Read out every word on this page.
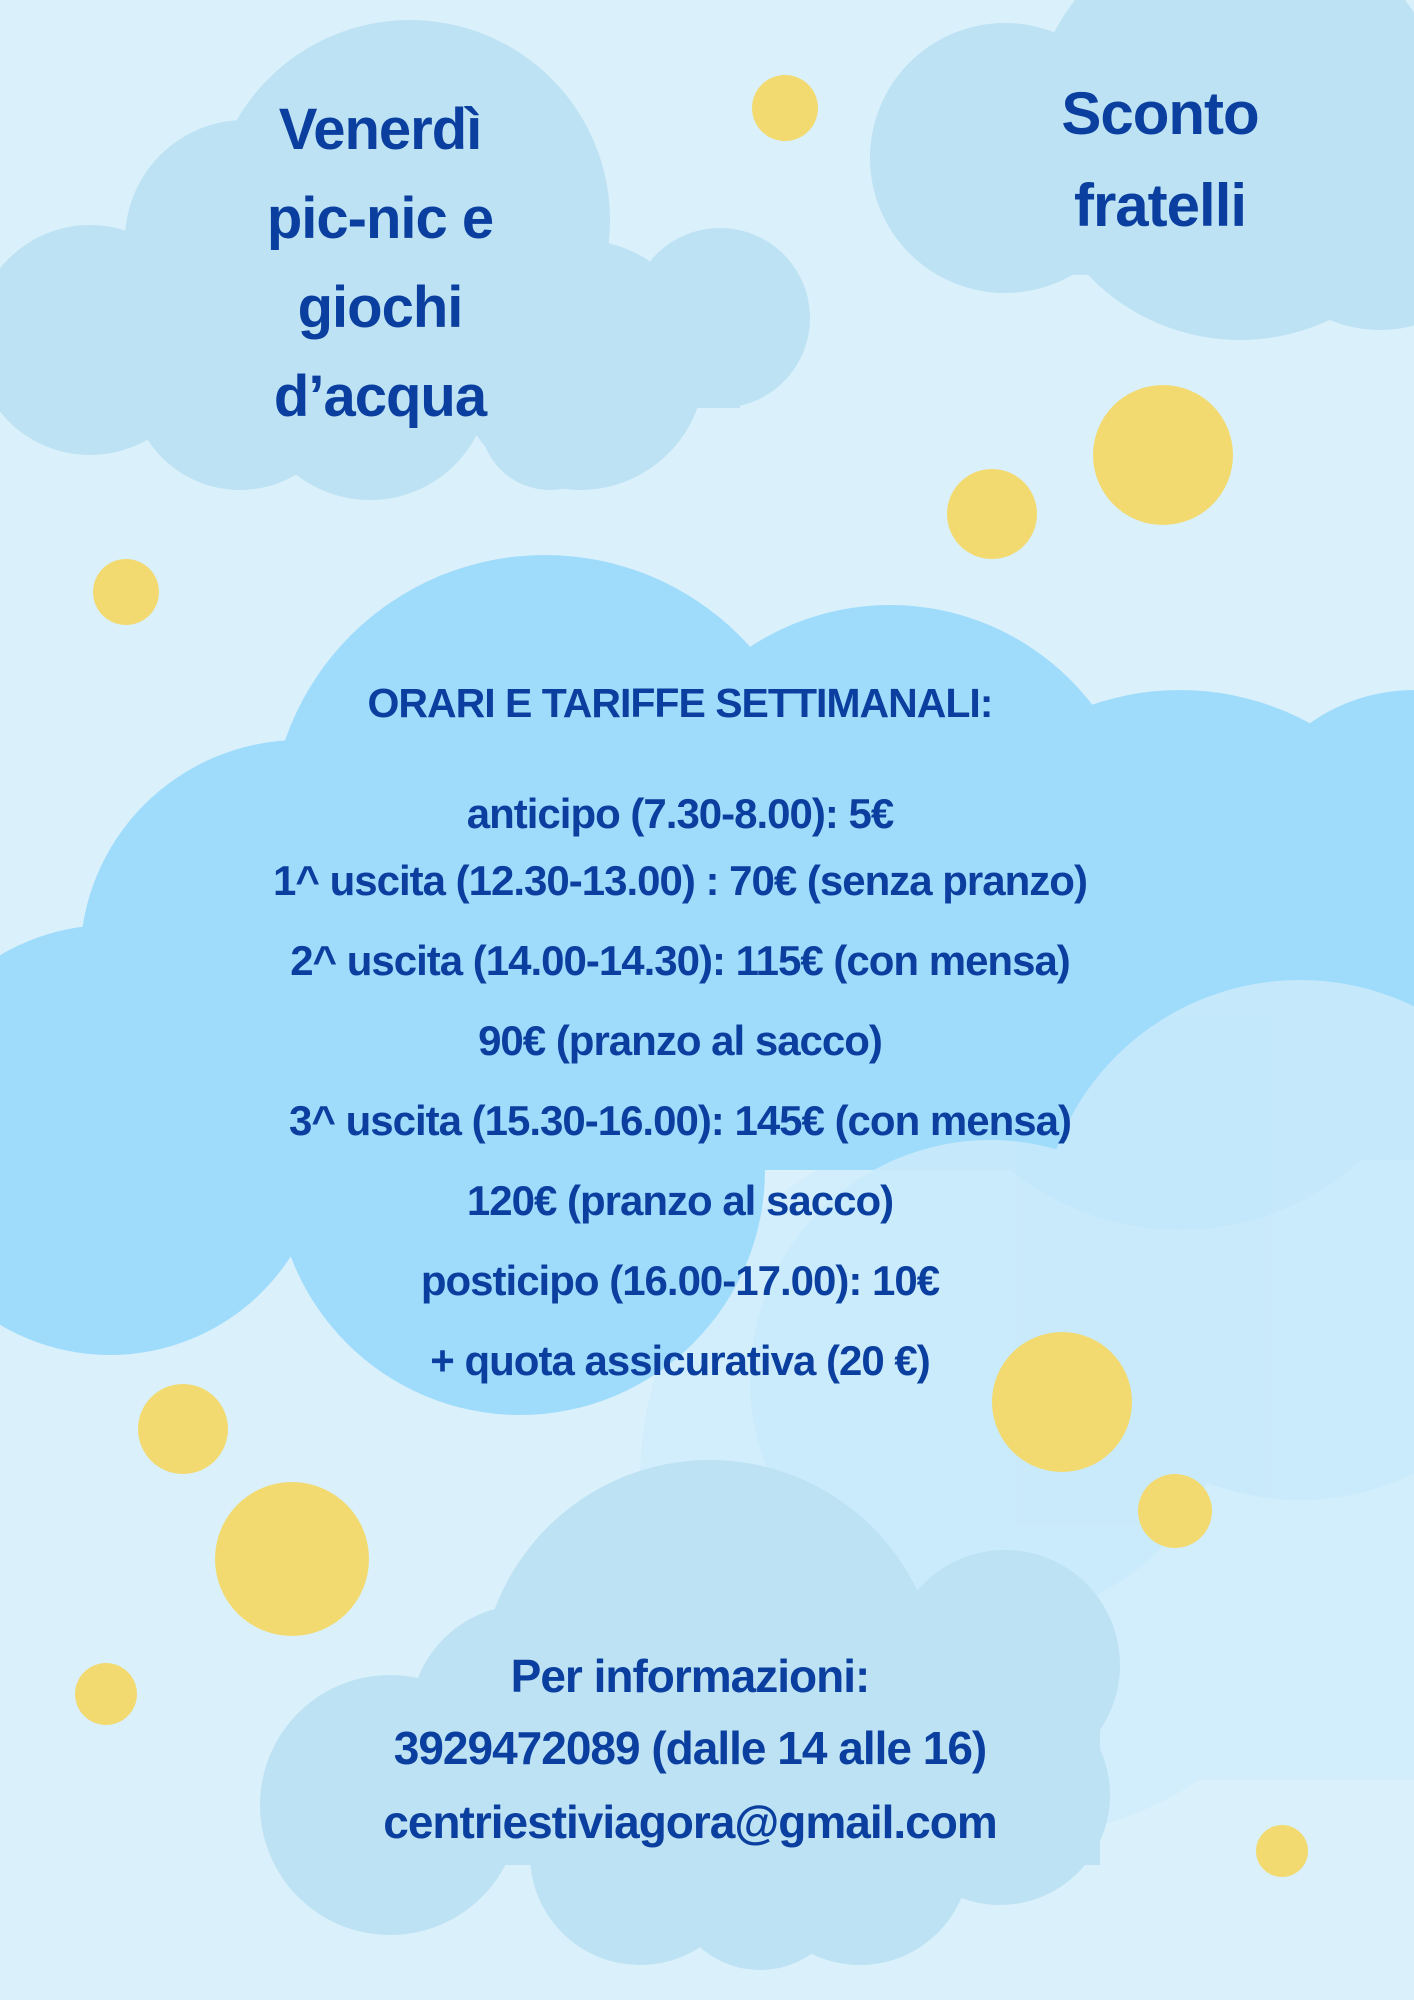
Venerdì
pic-nic e
giochi
d’acqua
Sconto
fratelli
ORARI E TARIFFE SETTIMANALI:

anticipo (7.30-8.00): 5€

1^ uscita (12.30-13.00) : 70€ (senza pranzo)

2^ uscita (14.00-14.30): 115€ (con mensa)

90€ (pranzo al sacco)

3^ uscita (15.30-16.00): 145€ (con mensa)

120€ (pranzo al sacco)

posticipo (16.00-17.00): 10€

+ quota assicurativa (20 €)

Per informazioni:

3929472089 (dalle 14 alle 16)

centriestiviagora@gmail.com
